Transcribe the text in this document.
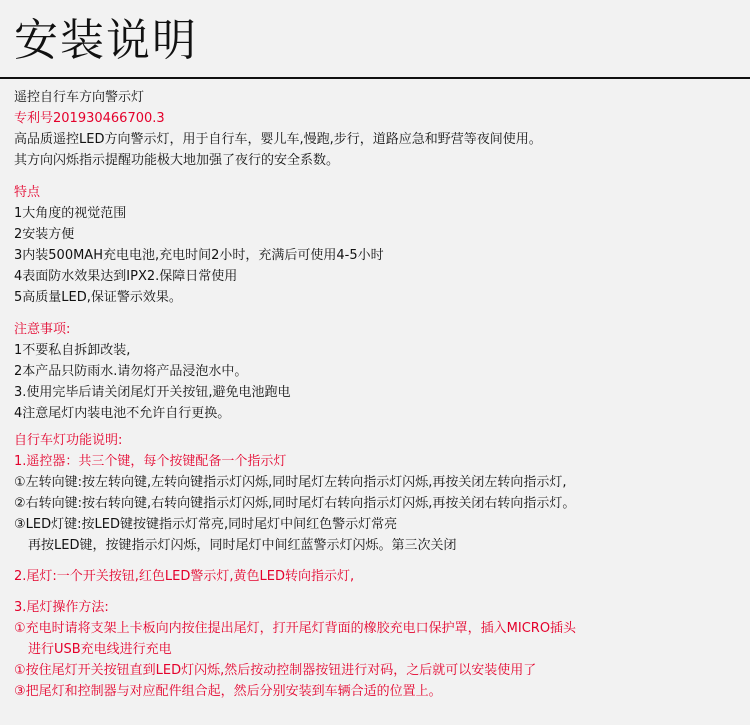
安装说明
遥控自行车方向警示灯
专利号201930466700.3
高品质遥控LED方向警示灯，用于自行车，婴儿车,慢跑,步行，道路应急和野营等夜间使用。
其方向闪烁指示提醒功能极大地加强了夜行的安全系数。
特点
1大角度的视觉范围
2安装方便
3内装500MAH充电电池,充电时间2小时，充满后可使用4-5小时
4表面防水效果达到IPX2.保障日常使用
5高质量LED,保证警示效果。
注意事项:
1不要私自拆卸改装,
2本产品只防雨水.请勿将产品浸泡水中。
3.使用完毕后请关闭尾灯开关按钮,避免电池跑电
4注意尾灯内装电池不允许自行更换。
自行车灯功能说明:
1.遥控器：共三个键，每个按键配备一个指示灯
①左转向键:按左转向键,左转向键指示灯闪烁,同时尾灯左转向指示灯闪烁,再按关闭左转向指示灯,
②右转向键:按右转向键,右转向键指示灯闪烁,同时尾灯右转向指示灯闪烁,再按关闭右转向指示灯。
③LED灯键:按LED键按键指示灯常亮,同时尾灯中间红色警示灯常亮
再按LED键，按键指示灯闪烁，同时尾灯中间红蓝警示灯闪烁。第三次关闭
2.尾灯:一个开关按钮,红色LED警示灯,黄色LED转向指示灯,
3.尾灯操作方法:
①充电时请将支架上卡板向内按住提出尾灯，打开尾灯背面的橡胶充电口保护罩，插入MICRO插头
进行USB充电线进行充电
①按住尾灯开关按钮直到LED灯闪烁,然后按动控制器按钮进行对码，之后就可以安装使用了
③把尾灯和控制器与对应配件组合起，然后分别安装到车辆合适的位置上。
